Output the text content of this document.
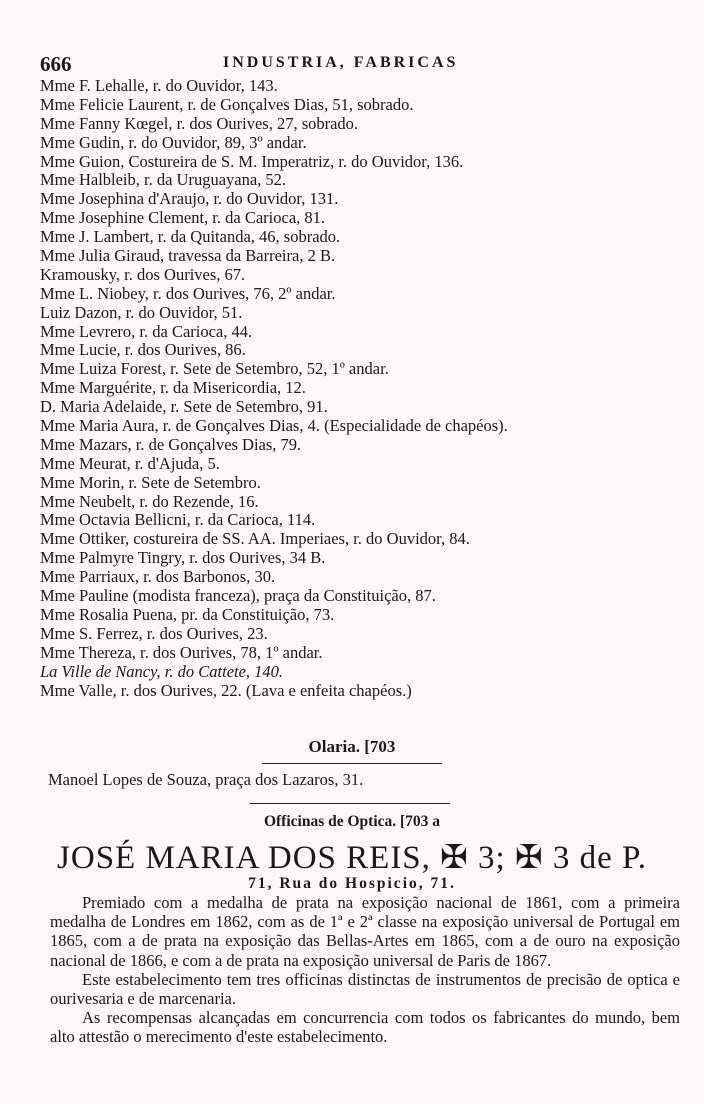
666	INDUSTRIA, FABRICAS
Mme F. Lehalle, r. do Ouvidor, 143.
Mme Felicie Laurent, r. de Gonçalves Dias, 51, sobrado.
Mme Fanny Kœgel, r. dos Ourives, 27, sobrado.
Mme Gudin, r. do Ouvidor, 89, 3º andar.
Mme Guion, Costureira de S. M. Imperatriz, r. do Ouvidor, 136.
Mme Halbleib, r. da Uruguayana, 52.
Mme Josephina d'Araujo, r. do Ouvidor, 131.
Mme Josephine Clement, r. da Carioca, 81.
Mme J. Lambert, r. da Quitanda, 46, sobrado.
Mme Julia Giraud, travessa da Barreira, 2 B.
Kramousky, r. dos Ourives, 67.
Mme L. Niobey, r. dos Ourives, 76, 2º andar.
Luiz Dazon, r. do Ouvidor, 51.
Mme Levrero, r. da Carioca, 44.
Mme Lucie, r. dos Ourives, 86.
Mme Luiza Forest, r. Sete de Setembro, 52, 1º andar.
Mme Marguérite, r. da Misericordia, 12.
D. Maria Adelaide, r. Sete de Setembro, 91.
Mme Maria Aura, r. de Gonçalves Dias, 4. (Especialidade de chapéos).
Mme Mazars, r. de Gonçalves Dias, 79.
Mme Meurat, r. d'Ajuda, 5.
Mme Morin, r. Sete de Setembro.
Mme Neubelt, r. do Rezende, 16.
Mme Octavia Bellicni, r. da Carioca, 114.
Mme Ottiker, costureira de SS. AA. Imperiaes, r. do Ouvidor, 84.
Mme Palmyre Tingry, r. dos Ourives, 34 B.
Mme Parriaux, r. dos Barbonos, 30.
Mme Pauline (modista franceza), praça da Constituição, 87.
Mme Rosalia Puena, pr. da Constituição, 73.
Mme S. Ferrez, r. dos Ourives, 23.
Mme Thereza, r. dos Ourives, 78, 1º andar.
La Ville de Nancy, r. do Cattete, 140.
Mme Valle, r. dos Ourives, 22. (Lava e enfeita chapéos.)
Olaria. [703
Manoel Lopes de Souza, praça dos Lazaros, 31.
Officinas de Optica. [703 a
JOSÉ MARIA DOS REIS, ✠ 3; ✠ 3 de P.
71, Rua do Hospicio, 71.

Premiado com a medalha de prata na exposição nacional de 1861, com a primeira medalha de Londres em 1862, com as de 1ª e 2ª classe na exposição universal de Portugal em 1865, com a de prata na exposição das Bellas-Artes em 1865, com a de ouro na exposição nacional de 1866, e com a de prata na exposição universal de Paris de 1867.

Este estabelecimento tem tres officinas distinctas de instrumentos de precisão de optica e ourivesaria e de marcenaria.

As recompensas alcançadas em concurrencia com todos os fabricantes do mundo, bem alto attestão o merecimento d'este estabelecimento.
